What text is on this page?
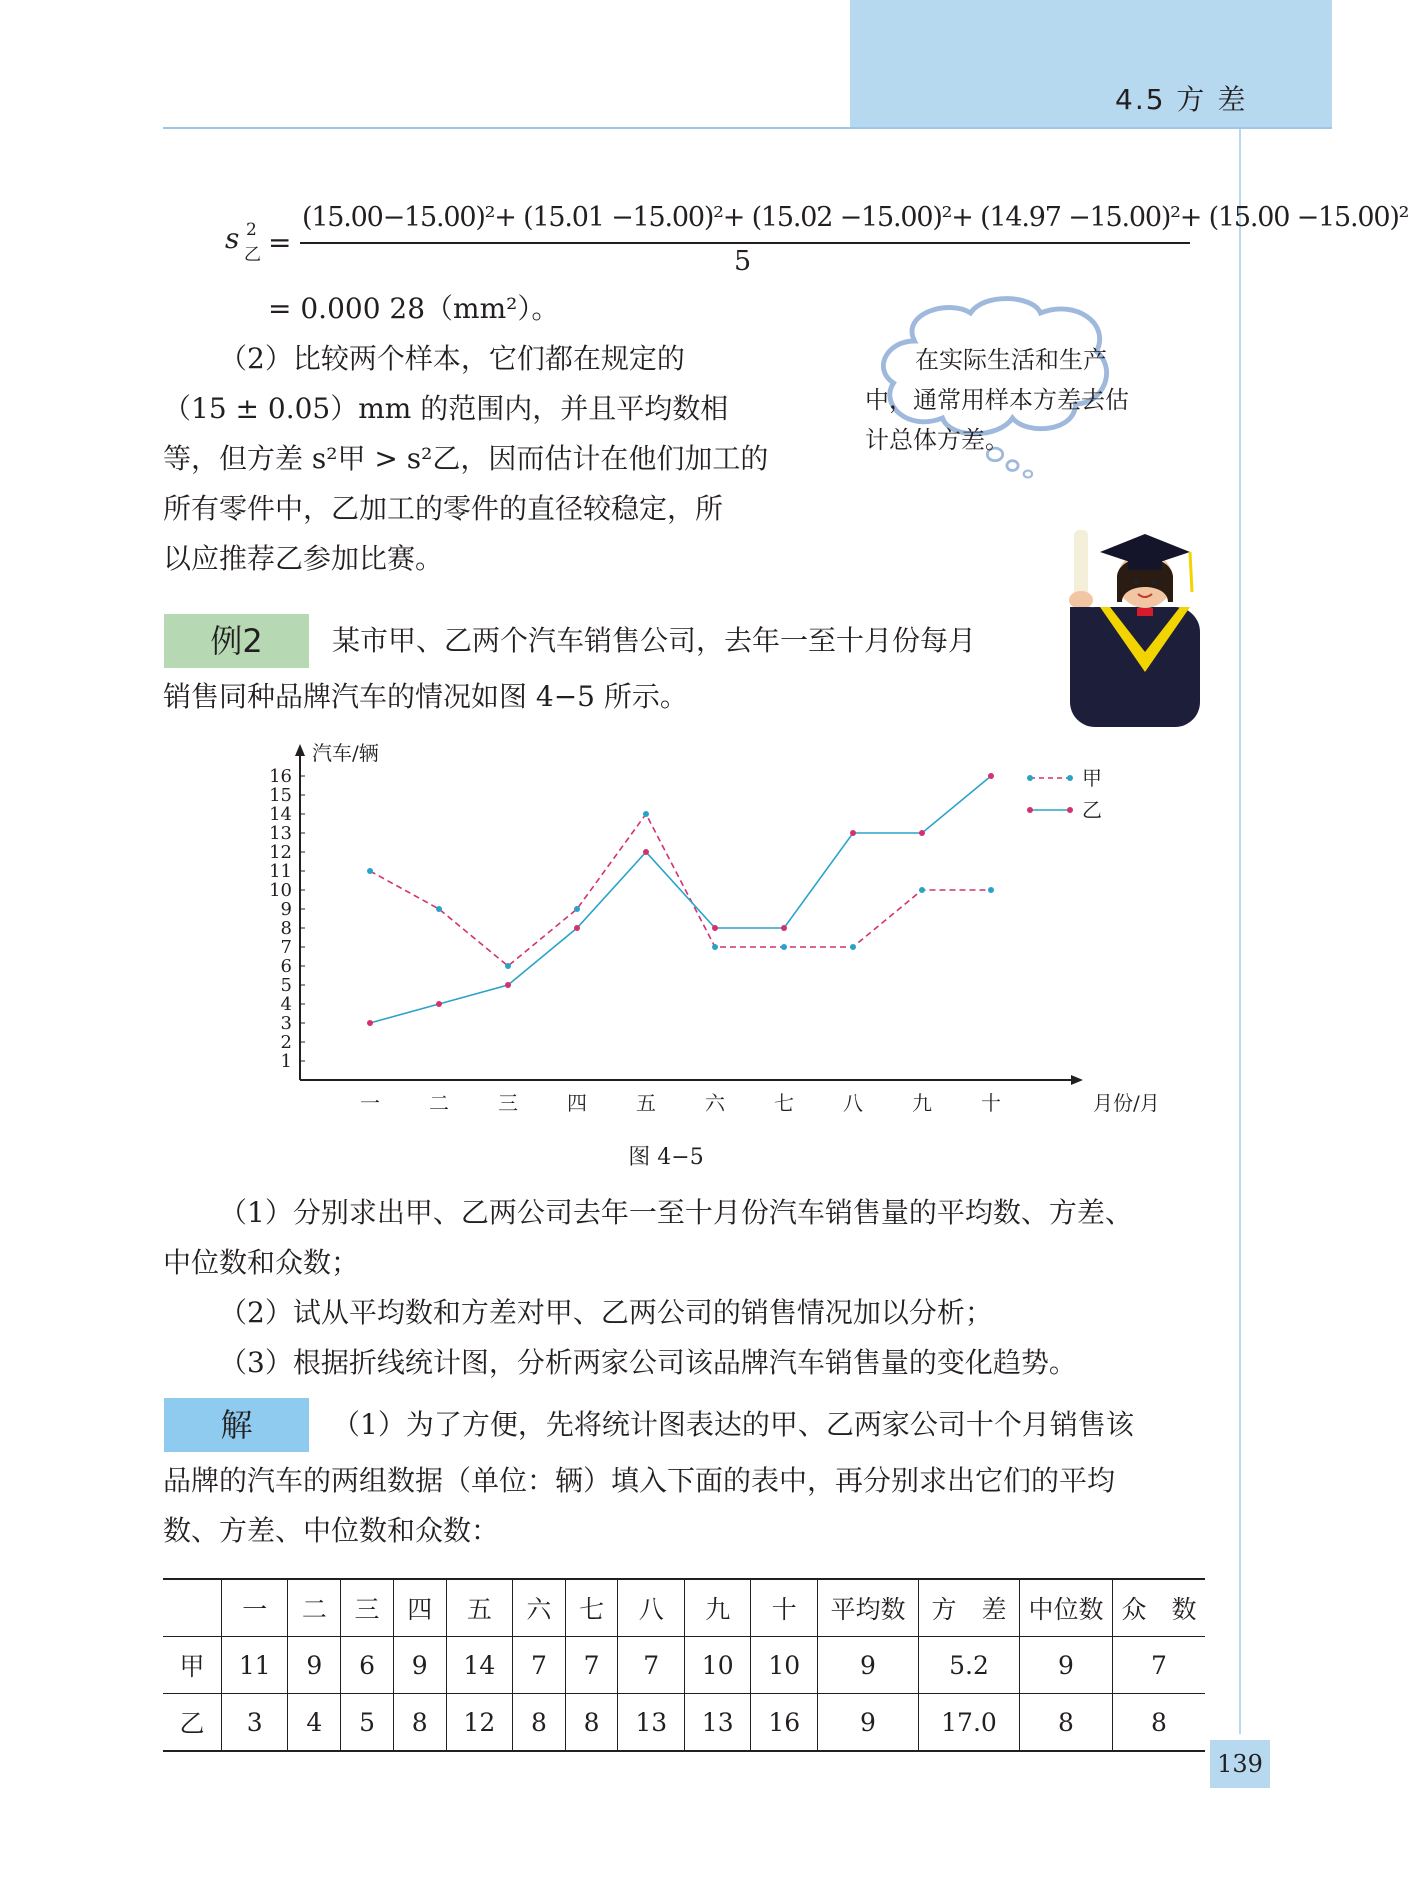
4.5 方 差
s 2
乙 =
(15.00−15.00)²+ (15.01 −15.00)²+ (15.02 −15.00)²+ (14.97 −15.00)²+ (15.00 −15.00)²
5
= 0.000 28（mm²）。
（2）比较两个样本，它们都在规定的
（15 ± 0.05）mm 的范围内，并且平均数相
等，但方差 s²甲 > s²乙，因而估计在他们加工的
所有零件中，乙加工的零件的直径较稳定，所
以应推荐乙参加比赛。
在实际生活和生产中，通常用样本方差去估计总体方差。
例2	某市甲、乙两个汽车销售公司，去年一至十月份每月
销售同种品牌汽车的情况如图 4−5 所示。
汽车/辆
月份/月
1
2
3
4
5
6
7
8
9
10
11
12
13
14
15
16
一 二 三 四 五 六 七 八 九 十
甲
乙
图 4−5
（1）分别求出甲、乙两公司去年一至十月份汽车销售量的平均数、方差、
中位数和众数；
（2）试从平均数和方差对甲、乙两公司的销售情况加以分析；
（3）根据折线统计图，分析两家公司该品牌汽车销售量的变化趋势。
解	（1）为了方便，先将统计图表达的甲、乙两家公司十个月销售该
品牌的汽车的两组数据（单位：辆）填入下面的表中，再分别求出它们的平均
数、方差、中位数和众数：
	一	二	三	四	五	六	七	八	九	十	平均数	方　差	中位数	众　数
甲	11	9	6	9	14	7	7	7	10	10	9	5.2	9	7
乙	3	4	5	8	12	8	8	13	13	16	9	17.0	8	8
139
